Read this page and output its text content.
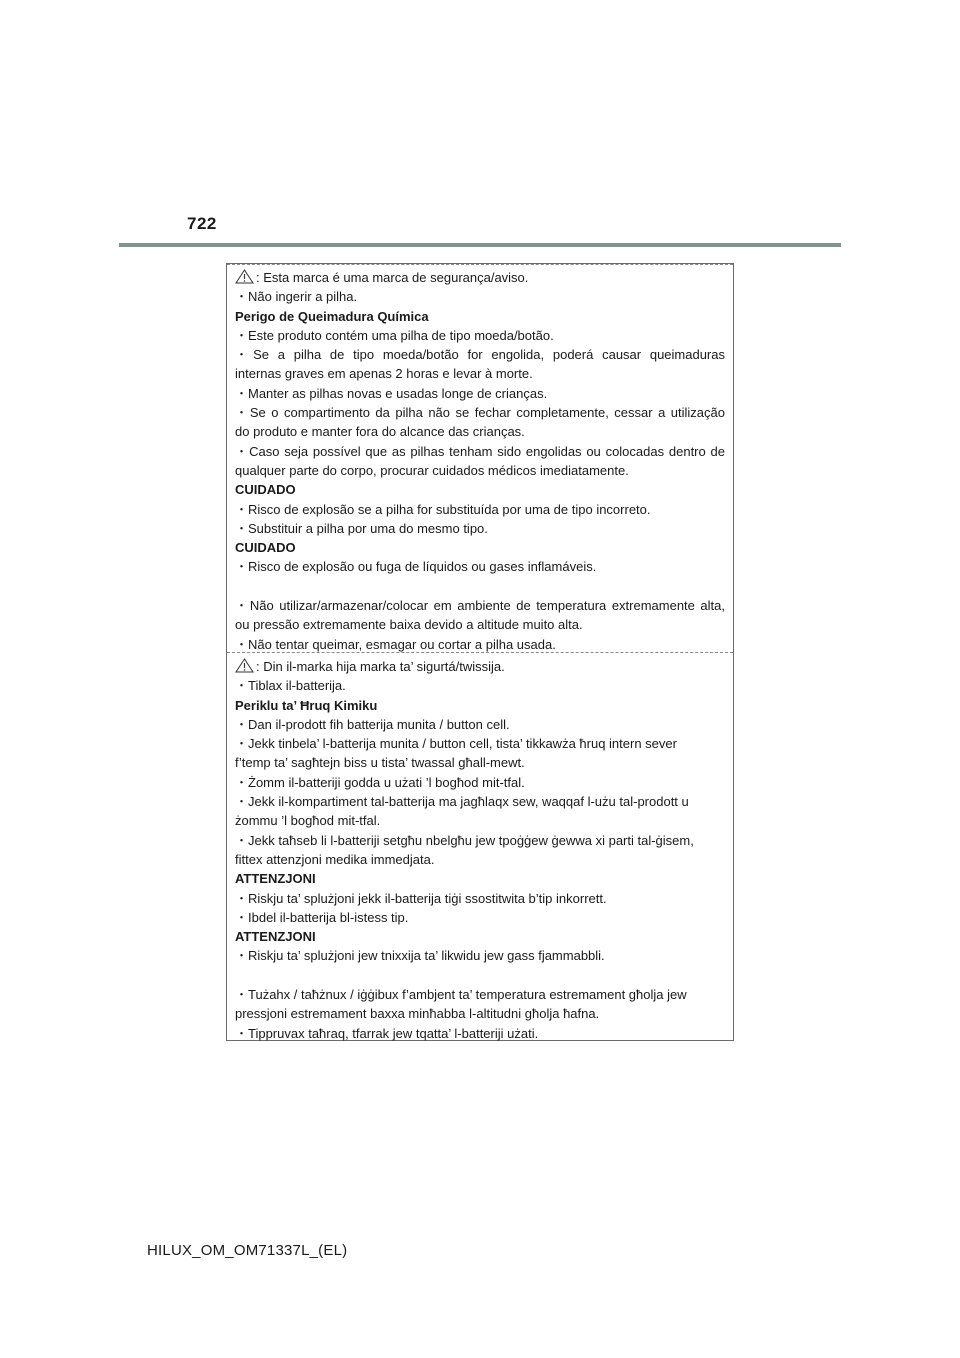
722
: Esta marca é uma marca de segurança/aviso.
・Não ingerir a pilha.
Perigo de Queimadura Química
・Este produto contém uma pilha de tipo moeda/botão.
・Se a pilha de tipo moeda/botão for engolida, poderá causar queimaduras
internas graves em apenas 2 horas e levar à morte.
・Manter as pilhas novas e usadas longe de crianças.
・Se o compartimento da pilha não se fechar completamente, cessar a utilização
do produto e manter fora do alcance das crianças.
・Caso seja possível que as pilhas tenham sido engolidas ou colocadas dentro de
qualquer parte do corpo, procurar cuidados médicos imediatamente.
CUIDADO
・Risco de explosão se a pilha for substituída por uma de tipo incorreto.
・Substituir a pilha por uma do mesmo tipo.
CUIDADO
・Risco de explosão ou fuga de líquidos ou gases inflamáveis.
・Não utilizar/armazenar/colocar em ambiente de temperatura extremamente alta,
ou pressão extremamente baixa devido a altitude muito alta.
・Não tentar queimar, esmagar ou cortar a pilha usada.
: Din il-marka hija marka ta’ sigurtá/twissija.
・Tiblax il-batterija.
Periklu ta’ Ħruq Kimiku
・Dan il-prodott fih batterija munita / button cell.
・Jekk tinbela’ l-batterija munita / button cell, tista’ tikkawża ħruq intern sever
f’temp ta’ sagħtejn biss u tista’ twassal għall-mewt.
・Żomm il-batteriji godda u użati ’l bogħod mit-tfal.
・Jekk il-kompartiment tal-batterija ma jagħlaqx sew, waqqaf l-użu tal-prodott u
żommu ’l bogħod mit-tfal.
・Jekk taħseb li l-batteriji setgħu nbelgħu jew tpoġġew ġewwa xi parti tal-ġisem,
fittex attenzjoni medika immedjata.
ATTENZJONI
・Riskju ta’ splużjoni jekk il-batterija tiġi ssostitwita b’tip inkorrett.
・Ibdel il-batterija bl-istess tip.
ATTENZJONI
・Riskju ta’ splużjoni jew tnixxija ta’ likwidu jew gass fjammabbli.
・Tużahx / taħżnux / iġġibux f’ambjent ta’ temperatura estremament għolja jew
pressjoni estremament baxxa minħabba l-altitudni għolja ħafna.
・Tippruvax taħraq, tfarrak jew tqatta’ l-batteriji użati.
HILUX_OM_OM71337L_(EL)
